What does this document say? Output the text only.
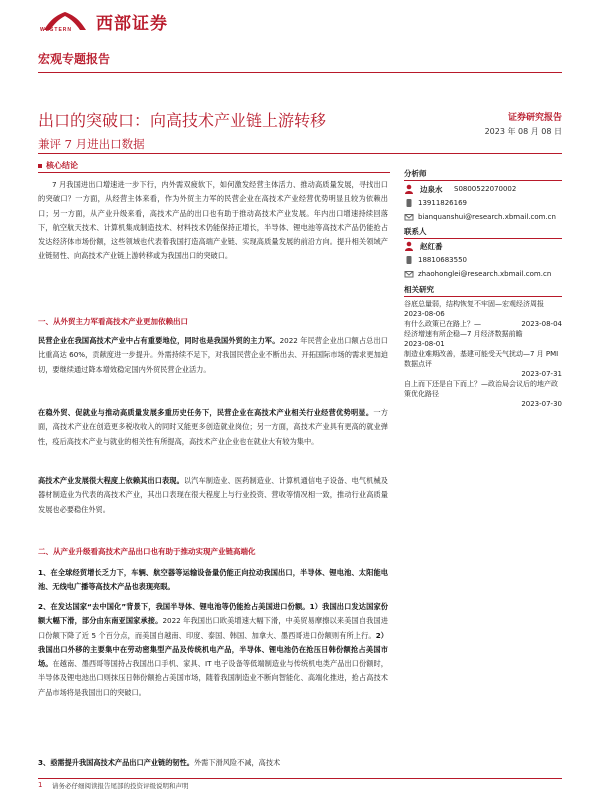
WESTERN 西部证券
宏观专题报告
出口的突破口：向高技术产业链上游转移
兼评 7 月进出口数据
证券研究报告
2023 年 08 月 08 日
核心结论

7 月我国进出口增速进一步下行，内外需双疲软下，如何激发经营主体活力、推动高质量发展，寻找出口的突破口？一方面，从经营主体来看，作为外贸主力军的民营企业在高技术产业经营优势明显且较为依赖出口；另一方面，从产业升级来看，高技术产品的出口也有助于推动高技术产业发展。年内出口增速持续回落下，航空航天技术、计算机集成制造技术、材料技术仍能保持正增长，半导体、锂电池等高技术产品仍能抢占发达经济体市场份额，这些领域也代表着我国打造高端产业链、实现高质量发展的前沿方向。提升相关领域产业链韧性、向高技术产业链上游转移或为我国出口的突破口。

一、从外贸主力军看高技术产业更加依赖出口

民营企业在我国高技术产业中占有重要地位，同时也是我国外贸的主力军。2022 年民营企业出口额占总出口比重高达 60%，贡献度进一步提升。外需持续不足下，对我国民营企业不断出去、开拓国际市场的需求更加迫切，要继续通过降本增效稳定国内外贸民营企业活力。

在稳外贸、促就业与推动高质量发展多重历史任务下，民营企业在高技术产业相关行业经营优势明显。一方面，高技术产业在创造更多税收收入的同时又能更多创造就业岗位；另一方面，高技术产业具有更高的就业弹性，疫后高技术产业与就业的相关性有所提高，高技术产业企业也在就业大有较为集中。

高技术产业发展很大程度上依赖其出口表现。以汽车制造业、医药制造业、计算机通信电子设备、电气机械及器材制造业为代表的高技术产业，其出口表现在很大程度上与行业投资、营收等情况相一致，推动行业高质量发展也必要稳住外贸。

二、从产业升级看高技术产品出口也有助于推动实现产业链高端化

1、在全球经贸增长乏力下，车辆、航空器等运输设备量仍能正向拉动我国出口，半导体、锂电池、太阳能电池、无线电广播等高技术产品也表现亮眼。

2、在发达国家“去中国化”背景下，我国半导体、锂电池等仍能抢占美国进口份额。1）我国出口发达国家份额大幅下滑，部分由东南亚国家承接。2022 年我国出口欧美增速大幅下滑，中美贸易摩擦以来美国自我国进口份额下降了近 5 个百分点，而美国自越南、印度、泰国、韩国、加拿大、墨西哥进口份额则有所上行。2）我国出口外移的主要集中在劳动密集型产品及传统机电产品，半导体、锂电池仍在抢压日韩份额抢占美国市场。在越南、墨西哥等国持占我国出口手机、家具、IT 电子设备等低端制造业与传统机电类产品出口份额时，半导体及锂电池出口则抹压日韩份额抢占美国市场，随着我国制造业不断向智能化、高端化推进，抢占高技术产品市场将是我国出口的突破口。

3、亟需提升我国高技术产品出口产业链的韧性。外需下滑风险不减，高技术

分析师
边泉水 S0800522070002
13911826169
bianquanshui@research.xbmail.com.cn
联系人
赵红番
18810683550
zhaohonglei@research.xbmail.com.cn
相关研究
谷底总量弱，结构恢复不牢固—宏观经济周报
2023-08-06
有什么政策已在路上？—	2023-08-04
经济增速有所企稳—7 月经济数据前瞻
2023-08-01
制造业难期改善，基建可能受天气扰动—7 月 PMI 数据点评
2023-07-31
自上而下还是自下而上？—政治局会议后的地产政策优化路径
2023-07-30
1 请务必仔细阅读报告尾部的投资评级说明和声明
